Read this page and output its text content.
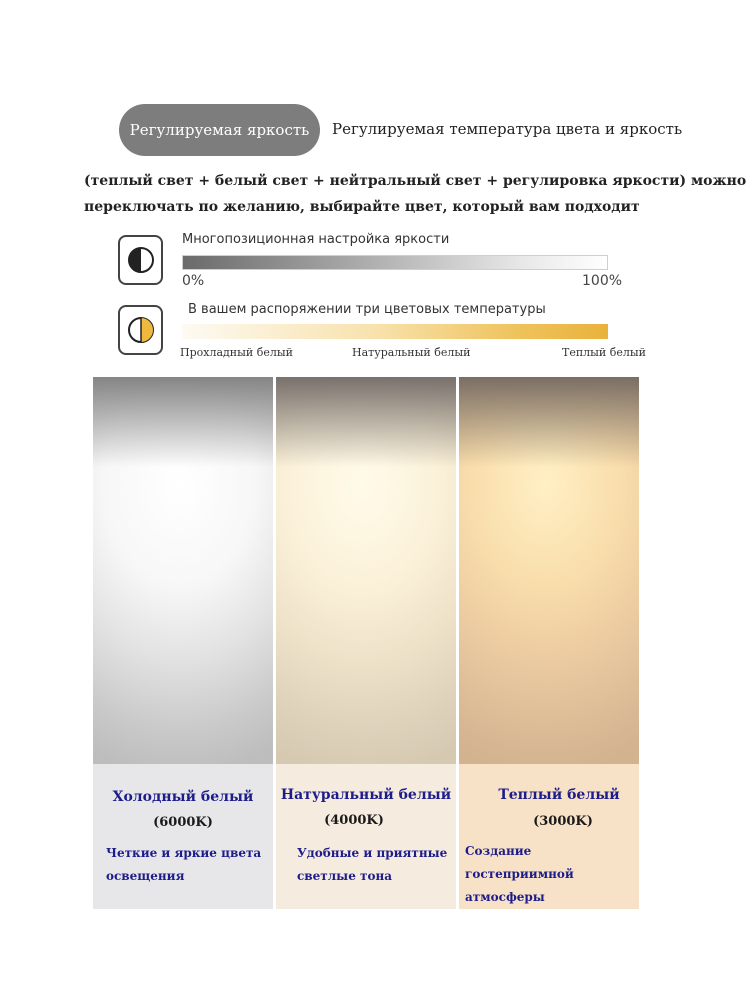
Регулируемая яркость	Регулируемая температура цвета и яркость
(теплый свет + белый свет + нейтральный свет + регулировка яркости) можно
переключать по желанию, выбирайте цвет, который вам подходит
Многопозиционная настройка яркости
0%	100%
В вашем распоряжении три цветовых температуры
Прохладный белый	Натуральный белый	Теплый белый
Холодный белый
(6000K)
Четкие и яркие цвета
освещения
Натуральный белый
(4000K)
Удобные и приятные
светлые тона
Теплый белый
(3000K)
Создание гостеприимной
атмосферы
